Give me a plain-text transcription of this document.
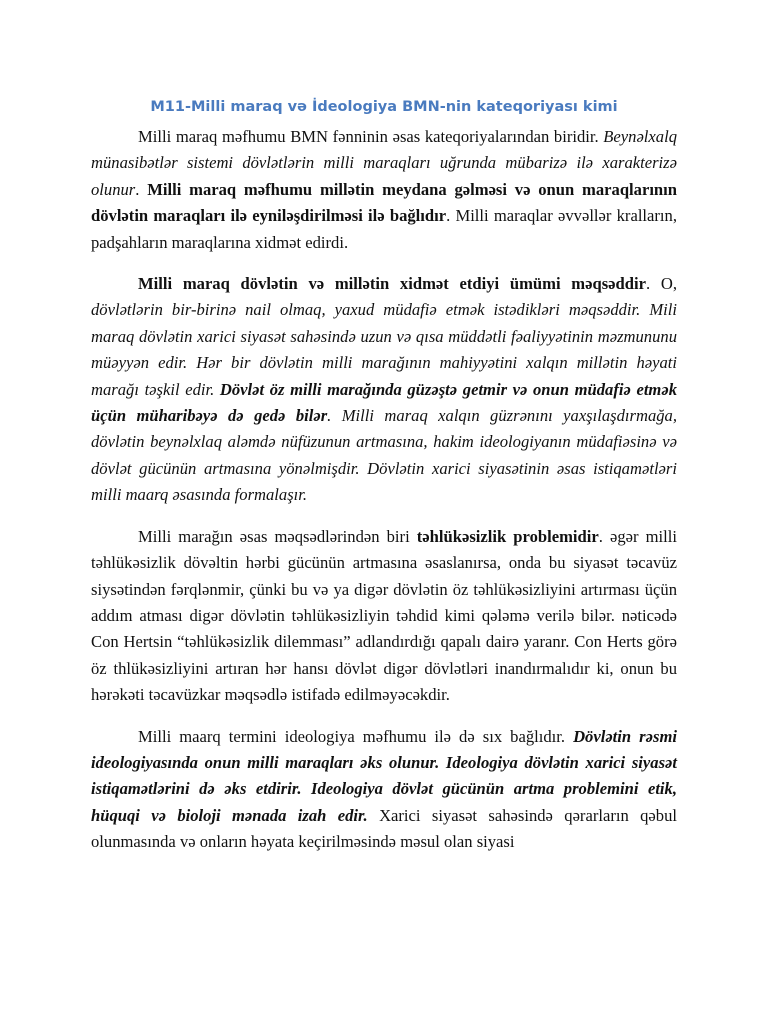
M11-Milli maraq və İdeologiya BMN-nin kateqoriyası kimi

Milli maraq məfhumu BMN fənninin əsas kateqoriyalarından biridir. Beynəlxalq münasibətlər sistemi dövlətlərin milli maraqları uğrunda mübarizə ilə xarakterizə olunur. Milli maraq məfhumu millətin meydana gəlməsi və onun maraqlarının dövlətin maraqları ilə eyniləşdirilməsi ilə bağlıdır. Milli maraqlar əvvəllər kralların, padşahların maraqlarına xidmət edirdi.

Milli maraq dövlətin və millətin xidmət etdiyi ümümi məqsəddir. O, dövlətlərin bir-birinə nail olmaq, yaxud müdafiə etmək istədikləri məqsəddir. Mili maraq dövlətin xarici siyasət sahəsində uzun və qısa müddətli fəaliyyətinin məzmununu müəyyən edir. Hər bir dövlətin milli marağının mahiyyətini xalqın millətin həyati marağı təşkil edir. Dövlət öz milli marağında güzəştə getmir və onun müdafiə etmək üçün müharibəyə də gedə bilər. Milli maraq xalqın güzrənını yaxşılaşdırmağa, dövlətin beynəlxlaq aləmdə nüfüzunun artmasına, hakim ideologiyanın müdafiəsinə və dövlət gücünün artmasına yönəlmişdir. Dövlətin xarici siyasətinin əsas istiqamətləri milli maarq əsasında formalaşır.

Milli marağın əsas məqsədlərindən biri təhlükəsizlik problemidir. əgər milli təhlükəsizlik dövəltin hərbi gücünün artmasına əsaslanırsa, onda bu siyasət təcavüz siysətindən fərqlənmir, çünki bu və ya digər dövlətin öz təhlükəsizliyini artırması üçün addım atması digər dövlətin təhlükəsizliyin təhdid kimi qələmə verilə bilər. nəticədə Con Hertsin “təhlükəsizlik dilemması” adlandırdığı qapalı dairə yaranr. Con Herts görə öz thlükəsizliyini artıran hər hansı dövlət digər dövlətləri inandırmalıdır ki, onun bu hərəkəti təcavüzkar məqsədlə istifadə edilməyəcəkdir.

Milli maarq termini ideologiya məfhumu ilə də sıx bağlıdır. Dövlətin rəsmi ideologiyasında onun milli maraqları əks olunur. Ideologiya dövlətin xarici siyasət istiqamətlərini də əks etdirir. Ideologiya dövlət gücünün artma problemini etik, hüquqi və bioloji mənada izah edir. Xarici siyasət sahəsində qərarların qəbul olunmasında və onların həyata keçirilməsində məsul olan siyasi
